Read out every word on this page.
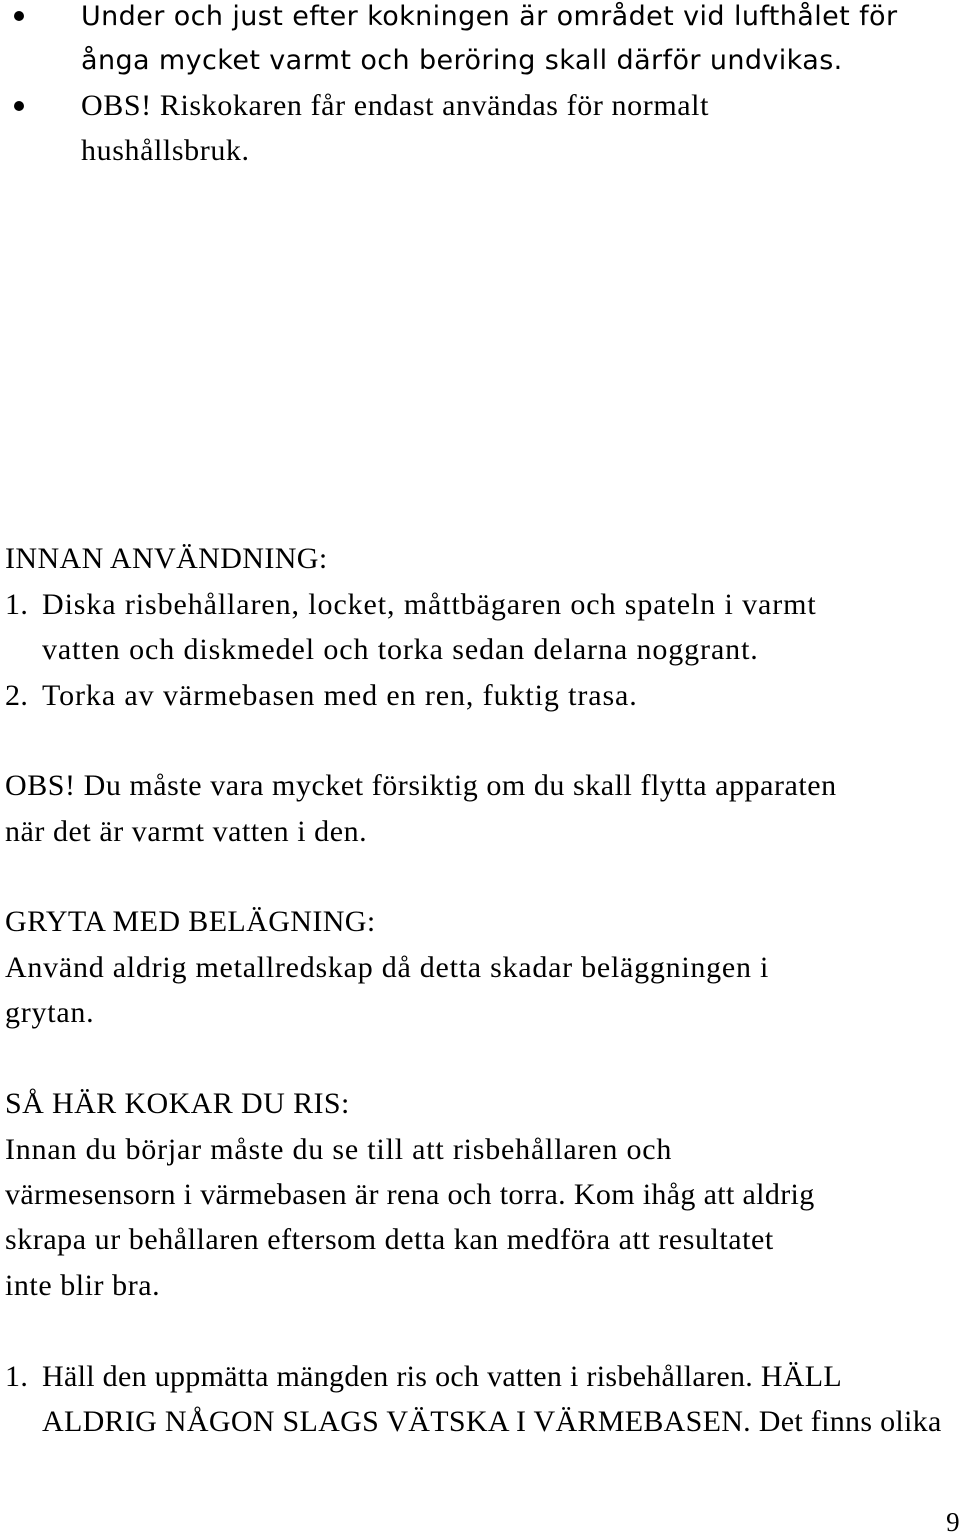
Under och just efter kokningen är området vid lufthålet för
ånga mycket varmt och beröring skall därför undvikas.
OBS! Riskokaren får endast användas för normalt
hushållsbruk.
INNAN ANVÄNDNING:
1. Diska risbehållaren, locket, måttbägaren och spateln i varmt
vatten och diskmedel och torka sedan delarna noggrant.
2. Torka av värmebasen med en ren, fuktig trasa.
OBS! Du måste vara mycket försiktig om du skall flytta apparaten
när det är varmt vatten i den.
GRYTA MED BELÄGNING:
Använd aldrig metallredskap då detta skadar beläggningen i
grytan.
SÅ HÄR KOKAR DU RIS:
Innan du börjar måste du se till att risbehållaren och
värmesensorn i värmebasen är rena och torra. Kom ihåg att aldrig
skrapa ur behållaren eftersom detta kan medföra att resultatet
inte blir bra.
1. Häll den uppmätta mängden ris och vatten i risbehållaren. HÄLL
ALDRIG NÅGON SLAGS VÄTSKA I VÄRMEBASEN. Det finns olika
9
